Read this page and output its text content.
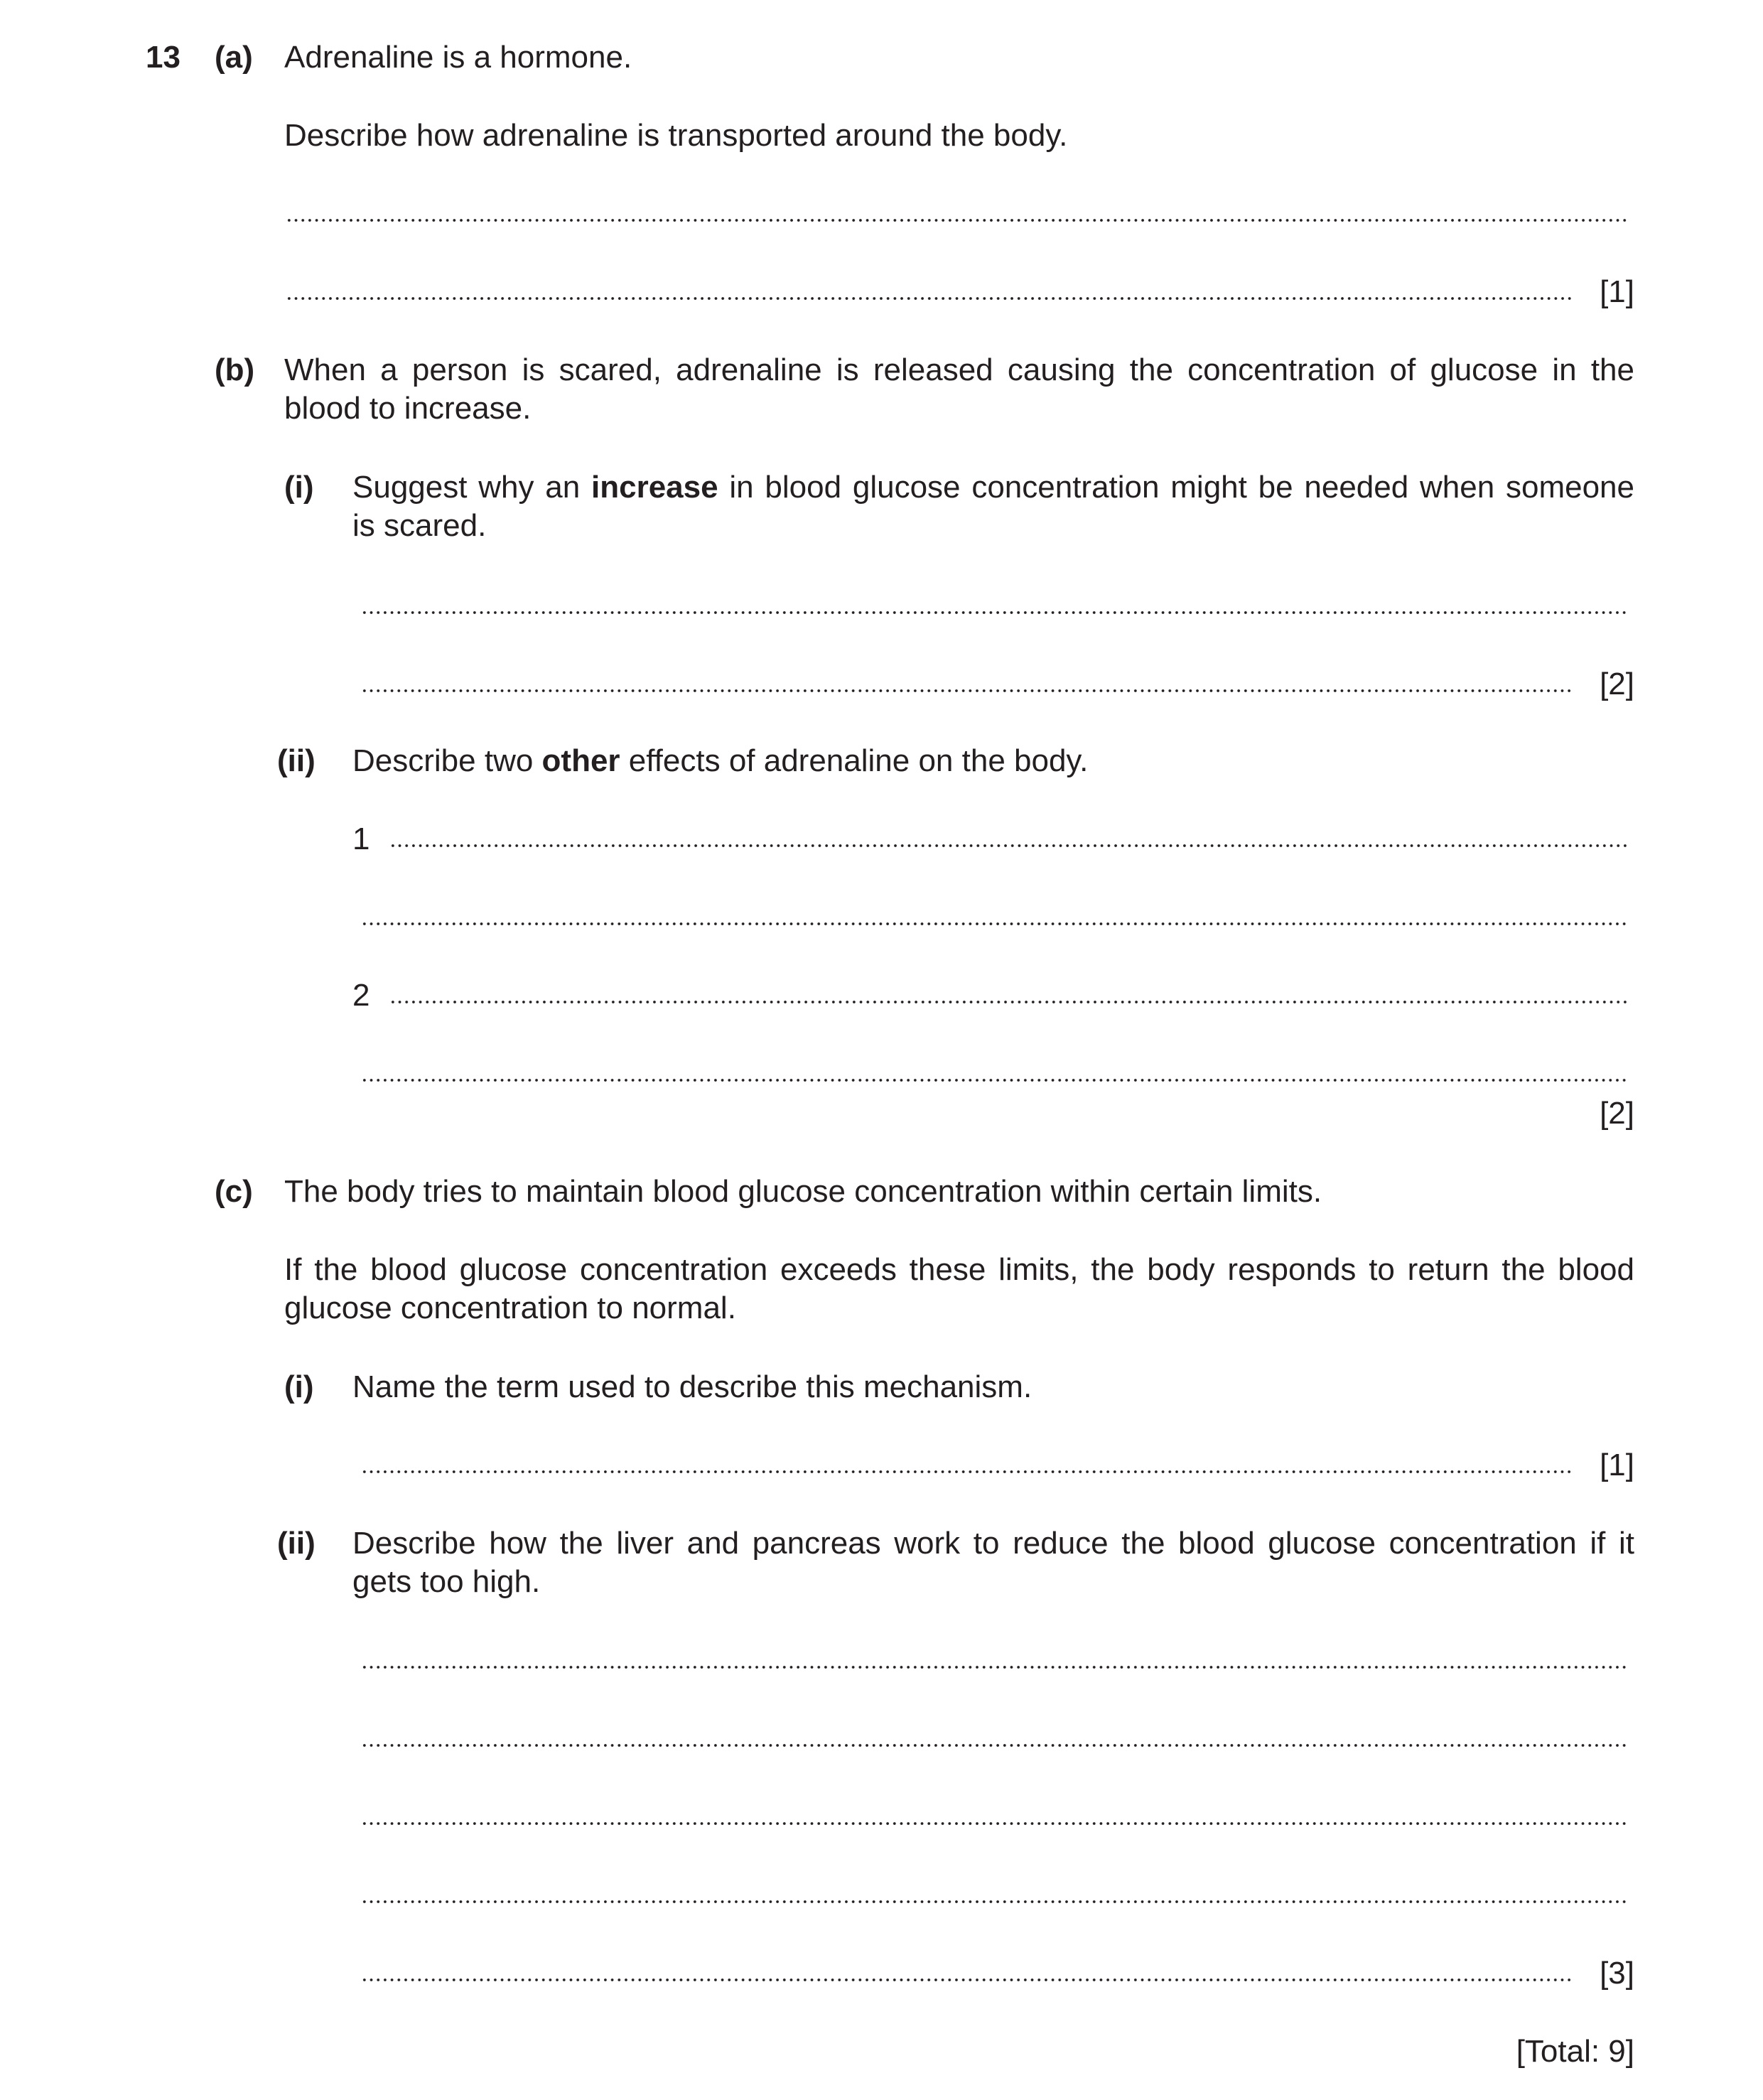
13 (a) Adrenaline is a hormone.
Describe how adrenaline is transported around the body.
[1]
(b) When a person is scared, adrenaline is released causing the concentration of glucose in the blood to increase.
(i) Suggest why an increase in blood glucose concentration might be needed when someone is scared.
[2]
(ii) Describe two other effects of adrenaline on the body.
1
2
[2]
(c) The body tries to maintain blood glucose concentration within certain limits.
If the blood glucose concentration exceeds these limits, the body responds to return the blood glucose concentration to normal.
(i) Name the term used to describe this mechanism.
[1]
(ii) Describe how the liver and pancreas work to reduce the blood glucose concentration if it gets too high.
[3]
[Total: 9]
